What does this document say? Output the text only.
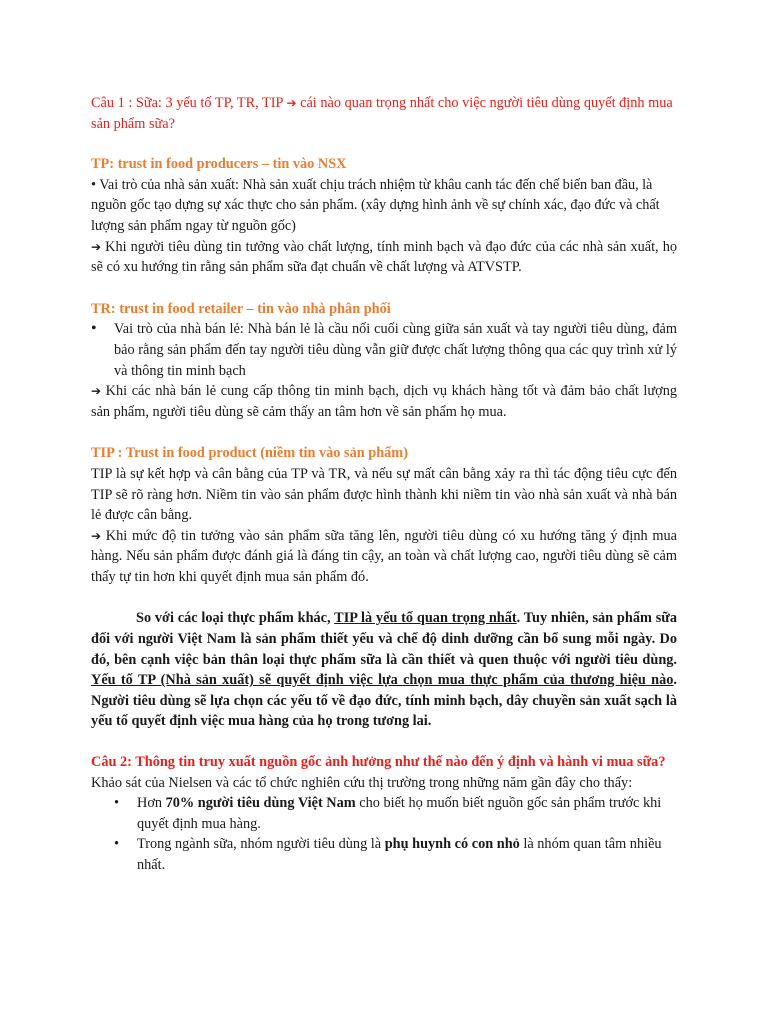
Câu 1 : Sữa: 3 yếu tố TP, TR, TIP ➔ cái nào quan trọng nhất cho việc người tiêu dùng quyết định mua sản phẩm sữa?

TP: trust in food producers – tin vào NSX

• Vai trò của nhà sản xuất: Nhà sản xuất chịu trách nhiệm từ khâu canh tác đến chế biến ban đầu, là nguồn gốc tạo dựng sự xác thực cho sản phẩm. (xây dựng hình ảnh về sự chính xác, đạo đức và chất lượng sản phẩm ngay từ nguồn gốc)

➔ Khi người tiêu dùng tin tưởng vào chất lượng, tính minh bạch và đạo đức của các nhà sản xuất, họ sẽ có xu hướng tin rằng sản phẩm sữa đạt chuẩn về chất lượng và ATVSTP.

TR: trust in food retailer – tin vào nhà phân phối

• Vai trò của nhà bán lẻ: Nhà bán lẻ là cầu nối cuối cùng giữa sản xuất và tay người tiêu dùng, đảm bảo rằng sản phẩm đến tay người tiêu dùng vẫn giữ được chất lượng thông qua các quy trình xử lý và thông tin minh bạch

➔ Khi các nhà bán lẻ cung cấp thông tin minh bạch, dịch vụ khách hàng tốt và đảm bảo chất lượng sản phẩm, người tiêu dùng sẽ cảm thấy an tâm hơn về sản phẩm họ mua.

TIP : Trust in food product (niềm tin vào sản phẩm)

TIP là sự kết hợp và cân bằng của TP và TR, và nếu sự mất cân bằng xảy ra thì tác động tiêu cực đến TIP sẽ rõ ràng hơn. Niềm tin vào sản phẩm được hình thành khi niềm tin vào nhà sản xuất và nhà bán lẻ được cân bằng.

➔ Khi mức độ tin tưởng vào sản phẩm sữa tăng lên, người tiêu dùng có xu hướng tăng ý định mua hàng. Nếu sản phẩm được đánh giá là đáng tin cậy, an toàn và chất lượng cao, người tiêu dùng sẽ cảm thấy tự tin hơn khi quyết định mua sản phẩm đó.

So với các loại thực phẩm khác, TIP là yếu tố quan trọng nhất. Tuy nhiên, sản phẩm sữa đối với người Việt Nam là sản phẩm thiết yếu và chế độ dinh dưỡng cần bổ sung mỗi ngày. Do đó, bên cạnh việc bản thân loại thực phẩm sữa là cần thiết và quen thuộc với người tiêu dùng. Yếu tố TP (Nhà sản xuất) sẽ quyết định việc lựa chọn mua thực phẩm của thương hiệu nào. Người tiêu dùng sẽ lựa chọn các yếu tố về đạo đức, tính minh bạch, dây chuyền sản xuất sạch là yếu tố quyết định việc mua hàng của họ trong tương lai.

Câu 2: Thông tin truy xuất nguồn gốc ảnh hưởng như thế nào đến ý định và hành vi mua sữa?

Khảo sát của Nielsen và các tổ chức nghiên cứu thị trường trong những năm gần đây cho thấy:

• Hơn 70% người tiêu dùng Việt Nam cho biết họ muốn biết nguồn gốc sản phẩm trước khi quyết định mua hàng.
• Trong ngành sữa, nhóm người tiêu dùng là phụ huynh có con nhỏ là nhóm quan tâm nhiều nhất.
